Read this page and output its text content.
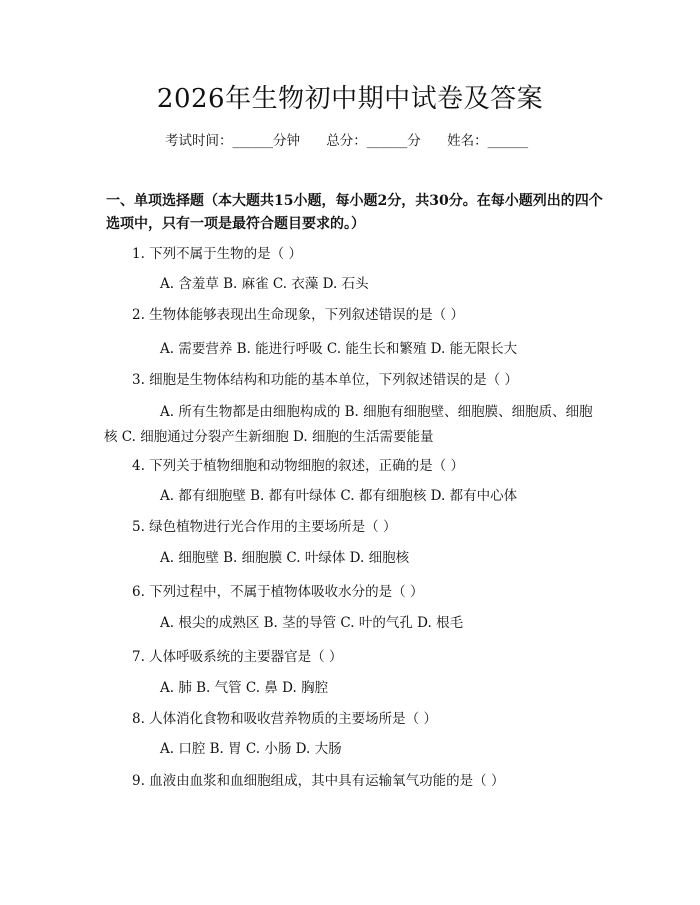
2026年生物初中期中试卷及答案
考试时间：______分钟 总分：______分 姓名：______
一、单项选择题（本大题共15小题，每小题2分，共30分。在每小题列出的四个选项中，只有一项是最符合题目要求的。）
1. 下列不属于生物的是（ ）
A. 含羞草 B. 麻雀 C. 衣藻 D. 石头
2. 生物体能够表现出生命现象，下列叙述错误的是（ ）
A. 需要营养 B. 能进行呼吸 C. 能生长和繁殖 D. 能无限长大
3. 细胞是生物体结构和功能的基本单位，下列叙述错误的是（ ）
A. 所有生物都是由细胞构成的 B. 细胞有细胞壁、细胞膜、细胞质、细胞核 C. 细胞通过分裂产生新细胞 D. 细胞的生活需要能量
4. 下列关于植物细胞和动物细胞的叙述，正确的是（ ）
A. 都有细胞壁 B. 都有叶绿体 C. 都有细胞核 D. 都有中心体
5. 绿色植物进行光合作用的主要场所是（ ）
A. 细胞壁 B. 细胞膜 C. 叶绿体 D. 细胞核
6. 下列过程中，不属于植物体吸收水分的是（ ）
A. 根尖的成熟区 B. 茎的导管 C. 叶的气孔 D. 根毛
7. 人体呼吸系统的主要器官是（ ）
A. 肺 B. 气管 C. 鼻 D. 胸腔
8. 人体消化食物和吸收营养物质的主要场所是（ ）
A. 口腔 B. 胃 C. 小肠 D. 大肠
9. 血液由血浆和血细胞组成，其中具有运输氧气功能的是（ ）
